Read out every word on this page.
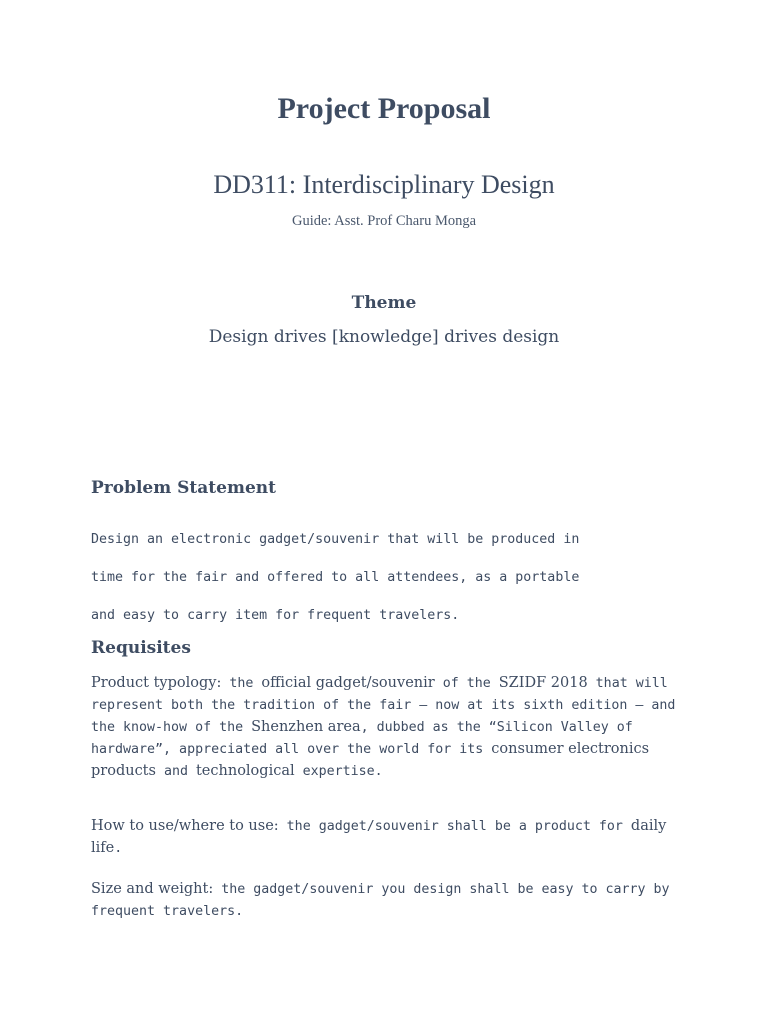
Project Proposal
DD311: Interdisciplinary Design
Guide: Asst. Prof Charu Monga
Theme
Design drives [knowledge] drives design
Problem Statement

Design an electronic gadget/souvenir that will be produced in

time for the fair and offered to all attendees, as a portable

and easy to carry item for frequent travelers.

Requisites
Product typology: the official gadget/souvenir of the SZIDF 2018 that will represent both the tradition of the fair – now at its sixth edition – and the know-how of the Shenzhen area, dubbed as the “Silicon Valley of hardware”, appreciated all over the world for its consumer electronics products and technological expertise.
How to use/where to use: the gadget/souvenir shall be a product for daily life.
Size and weight: the gadget/souvenir you design shall be easy to carry by frequent travelers.
